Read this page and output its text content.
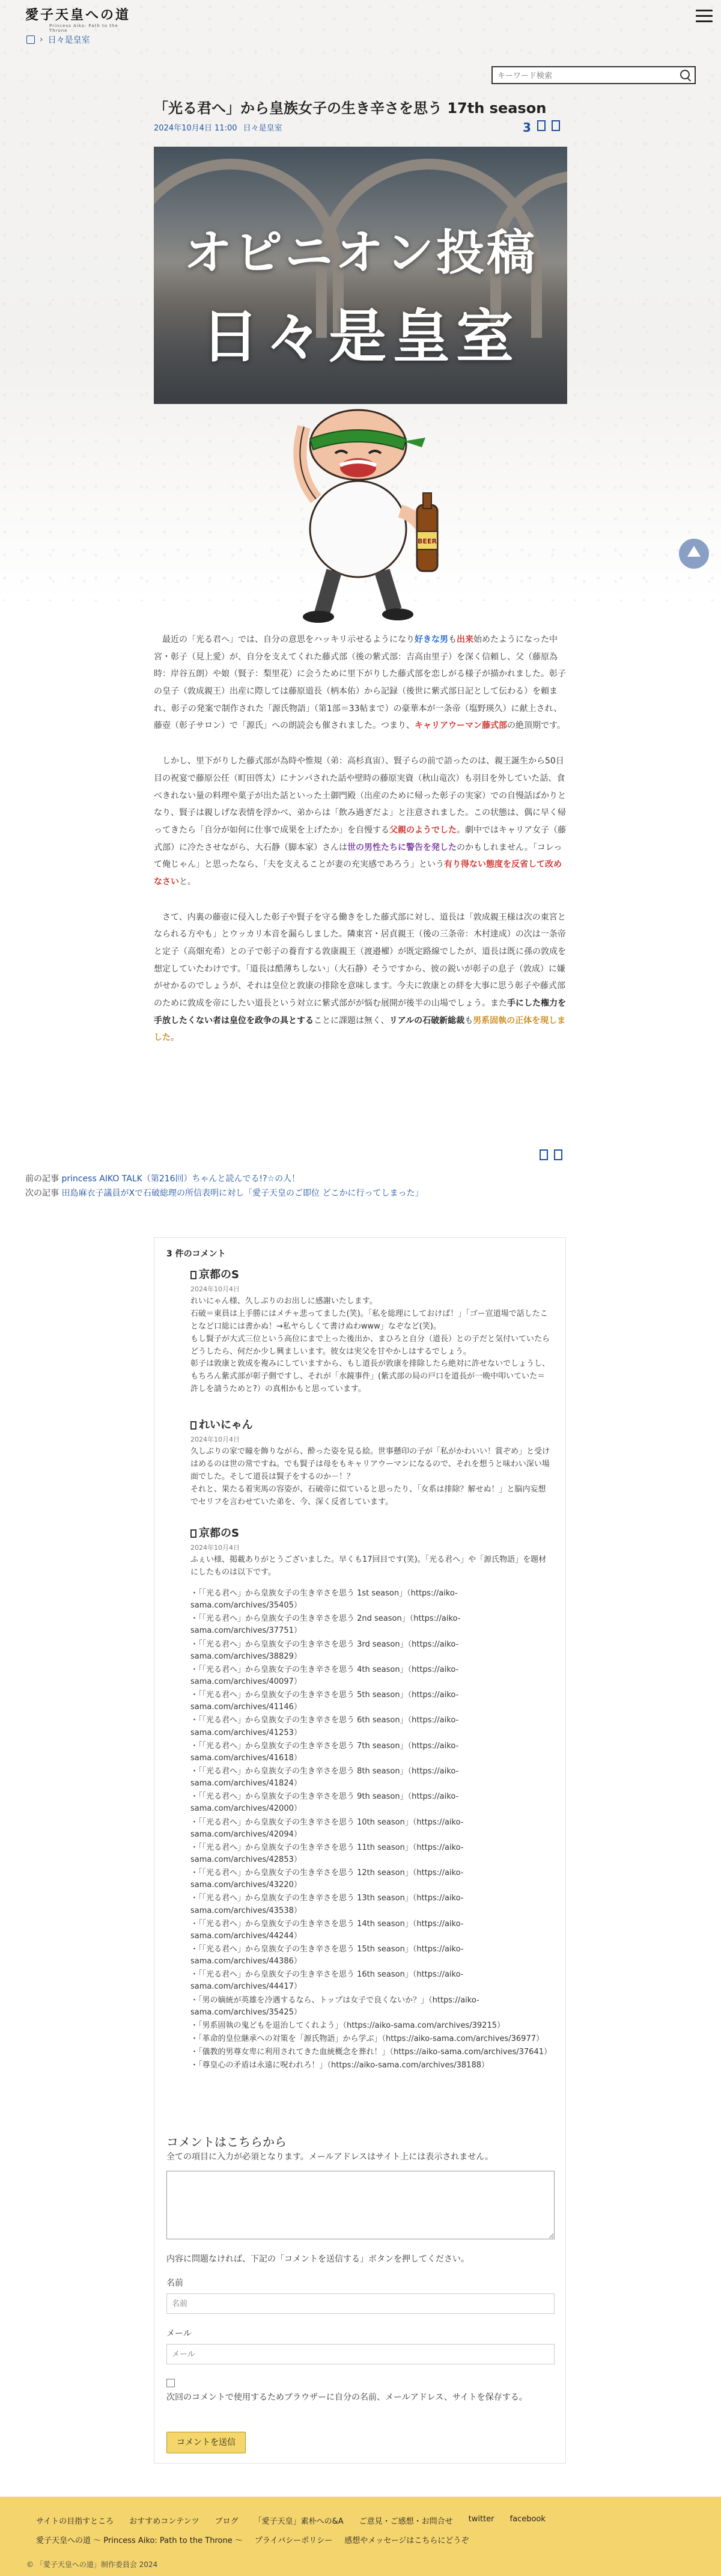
愛子天皇への道
Princess Aiko: Path to the Throne
› 日々是皇室
キーワード検索
「光る君へ」から皇族女子の生き辛さを思う 17th season
2024年10月4日 11:00 日々是皇室	3
オピニオン投稿
日々是皇室
BEER

最近の「光る君へ」では、自分の意思をハッキリ示せるようになり好きな男も出来始めたようになった中宮・彰子（見上愛）が、自分を支えてくれた藤式部（後の紫式部：吉高由里子）を深く信頼し、父（藤原為時：岸谷五朗）や娘（賢子：梨里花）に会うために里下がりした藤式部を恋しがる様子が描かれました。彰子の皇子（敦成親王）出産に際しては藤原道長（柄本佑）から記録（後世に紫式部日記として伝わる）を頼まれ、彰子の発案で制作された「源氏物語」（第1部＝33帖まで）の豪華本が一条帝（塩野瑛久）に献上され、藤壺（彰子サロン）で「源氏」への朗読会も催されました。つまり、キャリアウーマン藤式部の絶頂期です。

しかし、里下がりした藤式部が為時や惟規（弟：高杉真宙）、賢子らの前で語ったのは、親王誕生から50日目の祝宴で藤原公任（町田啓太）にナンパされた話や壁時の藤原実資（秋山竜次）も羽目を外していた話、食べきれない量の料理や菓子が出た話といった土御門殿（出産のために帰った彰子の実家）での自慢話ばかりとなり、賢子は親しげな表情を浮かべ、弟からは「飲み過ぎだよ」と注意されました。この状態は、偶に早く帰ってきたら「自分が如何に仕事で成果を上げたか」を自慢する父親のようでした。劇中ではキャリア女子（藤式部）に冷たさせながら、大石静（脚本家）さんは世の男性たちに警告を発したのかもしれません。「コレって俺じゃん」と思ったなら、「夫を支えることが妻の充実感であろう」という有り得ない態度を反省して改めなさいと。

さて、内裏の藤壺に侵入した彰子や賢子を守る働きをした藤式部に対し、道長は「敦成親王様は次の東宮となられる方やも」とウッカリ本音を漏らしました。隣東宮・居貞親王（後の三条帝：木村達成）の次は一条帝と定子（高畑充希）との子で彰子の養育する敦康親王（渡邉櫂）が既定路線でしたが、道長は既に孫の敦成を想定していたわけです。「道長は酷薄ちしない」（大石静）そうですから、彼の鋭いが彰子の息子（敦成）に嫌がせかるのでしょうが、それは皇位と敦康の排除を意味します。今夫に敦康との絆を大事に思う彰子や藤式部のために敦成を帝にしたい道長という対立に紫式部がが悩む展開が後半の山場でしょう。また手にした権力を手放したくない者は皇位を政争の具とすることに課題は無く、リアルの石破新総裁も男系固執の正体を現しました。

前の記事 princess AIKO TALK（第216回）ちゃんと読んでる!?☆の人！
次の記事 田島麻衣子議員がXで石破総理の所信表明に対し「愛子天皇のご即位 どこかに行ってしまった」
3 件のコメント
京都のS
2024年10月4日
れいにゃん様、久しぶりのお出しに感謝いたします。
石破＝東員は上手勝にはメチャ悲ってました(笑)。「私を総理にしておけば！」「ゴー宣道場で話したことなど口総には書かぬ！→私ヤらしくて書けぬわwww」なぞなど(笑)。
もし賢子が大式三位という高位にまで上った後出か、まひろと自分（道長）との子だと気付いていたらどうしたら、何だか少し興ましいます。彼女は実父を甘やかしはするでしょう。
彰子は敦康と敦成を複みにしていますから、もし道長が敦康を排除したら絶対に許せないでしょうし、もちろん紫式部が彰子側ですし、それが「水鏡事件」(紫式部の局の戸口を道長が一晩中叩いていた＝許しを請うためと?）の真相かもと思っています。
れいにゃん
2024年10月4日
久しぶりの家で瞳を飾りながら、酔った姿を見る絵。世事懸印の子が「私がかわいい！賞ぞめ」と受けはめるのは世の常ですね。でも賢子は母をもキャリアウーマンになるので、それを想うと味わい深い場面でした。そして道長は賢子をするのか－！？
それと、果たる着実馬の容姿が、石破帝に似ていると思ったり、「女系は排除？解せぬ！」と脳内妄想でセリフを言わせていた弟を、今、深く反省しています。
京都のS
2024年10月4日
ふぇい様、掲載ありがとうございました。早くも17回目です(笑)。「光る君へ」や「源氏物語」を題材にしたものは以下です。
・「「光る君へ」から皇族女子の生き辛さを思う 1st season」（https://aiko-sama.com/archives/35405）
・「「光る君へ」から皇族女子の生き辛さを思う 2nd season」（https://aiko-sama.com/archives/37751）
・「「光る君へ」から皇族女子の生き辛さを思う 3rd season」（https://aiko-sama.com/archives/38829）
・「「光る君へ」から皇族女子の生き辛さを思う 4th season」（https://aiko-sama.com/archives/40097）
・「「光る君へ」から皇族女子の生き辛さを思う 5th season」（https://aiko-sama.com/archives/41146）
・「「光る君へ」から皇族女子の生き辛さを思う 6th season」（https://aiko-sama.com/archives/41253）
・「「光る君へ」から皇族女子の生き辛さを思う 7th season」（https://aiko-sama.com/archives/41618）
・「「光る君へ」から皇族女子の生き辛さを思う 8th season」（https://aiko-sama.com/archives/41824）
・「「光る君へ」から皇族女子の生き辛さを思う 9th season」（https://aiko-sama.com/archives/42000）
・「「光る君へ」から皇族女子の生き辛さを思う 10th season」（https://aiko-sama.com/archives/42094）
・「「光る君へ」から皇族女子の生き辛さを思う 11th season」（https://aiko-sama.com/archives/42853）
・「「光る君へ」から皇族女子の生き辛さを思う 12th season」（https://aiko-sama.com/archives/43220）
・「「光る君へ」から皇族女子の生き辛さを思う 13th season」（https://aiko-sama.com/archives/43538）
・「「光る君へ」から皇族女子の生き辛さを思う 14th season」（https://aiko-sama.com/archives/44244）
・「「光る君へ」から皇族女子の生き辛さを思う 15th season」（https://aiko-sama.com/archives/44386）
・「「光る君へ」から皇族女子の生き辛さを思う 16th season」（https://aiko-sama.com/archives/44417）
・「男の嫡統が英雄を冷遇するなら、トップは女子で良くないか？」（https://aiko-sama.com/archives/35425）
・「男系固執の鬼どもを退治してくれよう」（https://aiko-sama.com/archives/39215）
・「革命的皇位継承への対策を「源氏物語」から学ぶ」（https://aiko-sama.com/archives/36977）
・「儀教的男尊女卑に利用されてきた血統概念を葬れ！」（https://aiko-sama.com/archives/37641）
・「尊皇心の矛盾は永遠に呪われろ！」（https://aiko-sama.com/archives/38188）
コメントはこちらから
全ての項目に入力が必須となります。メールアドレスはサイト上には表示されません。
内容に問題なければ、下記の「コメントを送信する」ボタンを押してください。
名前
名前
メール
メール
次回のコメントで使用するためブラウザーに自分の名前、メールアドレス、サイトを保存する。
コメントを送信
サイトの目指すところ おすすめコンテンツ ブログ 「愛子天皇」素朴への&A ご意見・ご感想・お問合せ twitter facebook
愛子天皇への道 〜 Princess Aiko: Path to the Throne 〜 プライバシーポリシー 感想やメッセージはこちらにどうぞ
© 「愛子天皇への道」制作委員会 2024
